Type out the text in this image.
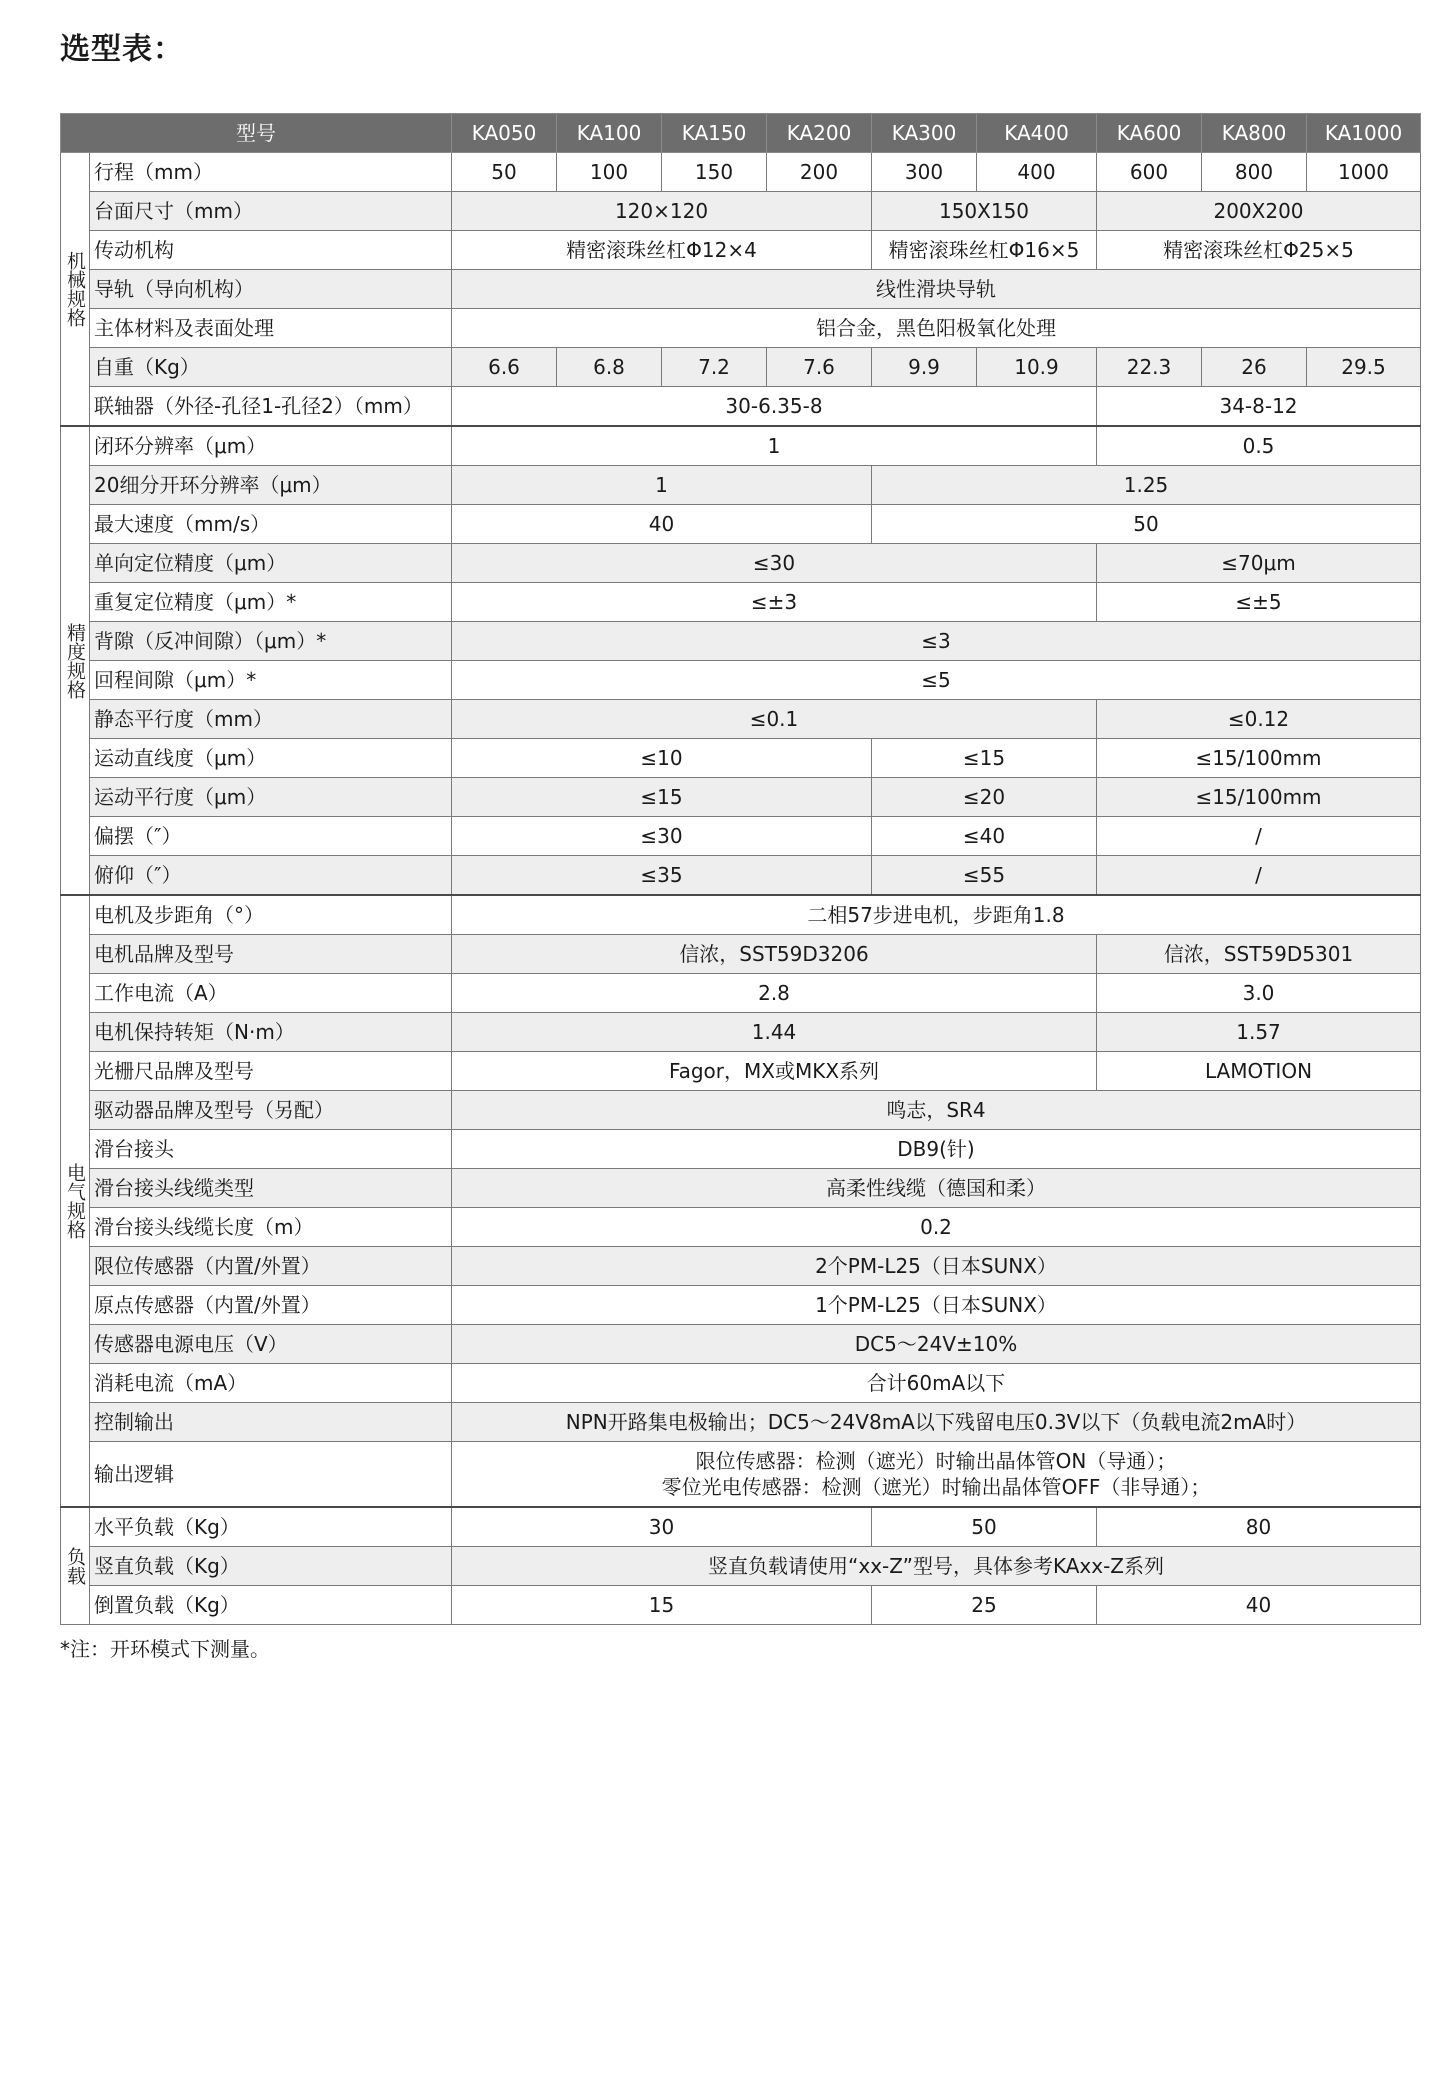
选型表：
型号		KA050	KA100	KA150	KA200	KA300	KA400	KA600	KA800	KA1000

机械规格	行程（mm）	50	100	150	200	300	400	600	800	1000
	台面尺寸（mm）	120×120				150X150		200X200		
	传动机构	精密滚珠丝杠Φ12×4				精密滚珠丝杠Φ16×5		精密滚珠丝杠Φ25×5		
	导轨（导向机构）	线性滑块导轨								
	主体材料及表面处理	铝合金，黑色阳极氧化处理								
	自重（Kg）	6.6	6.8	7.2	7.6	9.9	10.9	22.3	26	29.5
	联轴器（外径-孔径1-孔径2）（mm）	30-6.35-8						34-8-12		

精度规格	闭环分辨率（μm）	1						0.5		
	20细分开环分辨率（μm）	1				1.25				
	最大速度（mm/s）	40				50				
	单向定位精度（μm）	≤30						≤70μm		
	重复定位精度（μm）*	≤±3						≤±5		
	背隙（反冲间隙）（μm）*	≤3								
	回程间隙（μm）*	≤5								
	静态平行度（mm）	≤0.1						≤0.12		
	运动直线度（μm）	≤10				≤15		≤15/100mm		
	运动平行度（μm）	≤15				≤20		≤15/100mm		
	偏摆（″）	≤30				≤40		/		
	俯仰（″）	≤35				≤55		/		

电气规格	电机及步距角（°）	二相57步进电机，步距角1.8								
	电机品牌及型号	信浓，SST59D3206						信浓，SST59D5301		
	工作电流（A）	2.8						3.0		
	电机保持转矩（N·m）	1.44						1.57		
	光栅尺品牌及型号	Fagor，MX或MKX系列						LAMOTION		
	驱动器品牌及型号（另配）	鸣志，SR4								
	滑台接头	DB9(针)								
	滑台接头线缆类型	高柔性线缆（德国和柔）								
	滑台接头线缆长度（m）	0.2								
	限位传感器（内置/外置）	2个PM-L25（日本SUNX）								
	原点传感器（内置/外置）	1个PM-L25（日本SUNX）								
	传感器电源电压（V）	DC5～24V±10%								
	消耗电流（mA）	合计60mA以下								
	控制输出	NPN开路集电极输出；DC5～24V8mA以下残留电压0.3V以下（负载电流2mA时）								
	输出逻辑	限位传感器：检测（遮光）时输出晶体管ON（导通）；
零位光电传感器：检测（遮光）时输出晶体管OFF（非导通）；								

负载	水平负载（Kg）	30				50		80		
	竖直负载（Kg）	竖直负载请使用“xx-Z”型号，具体参考KAxx-Z系列								
	倒置负载（Kg）	15				25		40		

*注：开环模式下测量。
